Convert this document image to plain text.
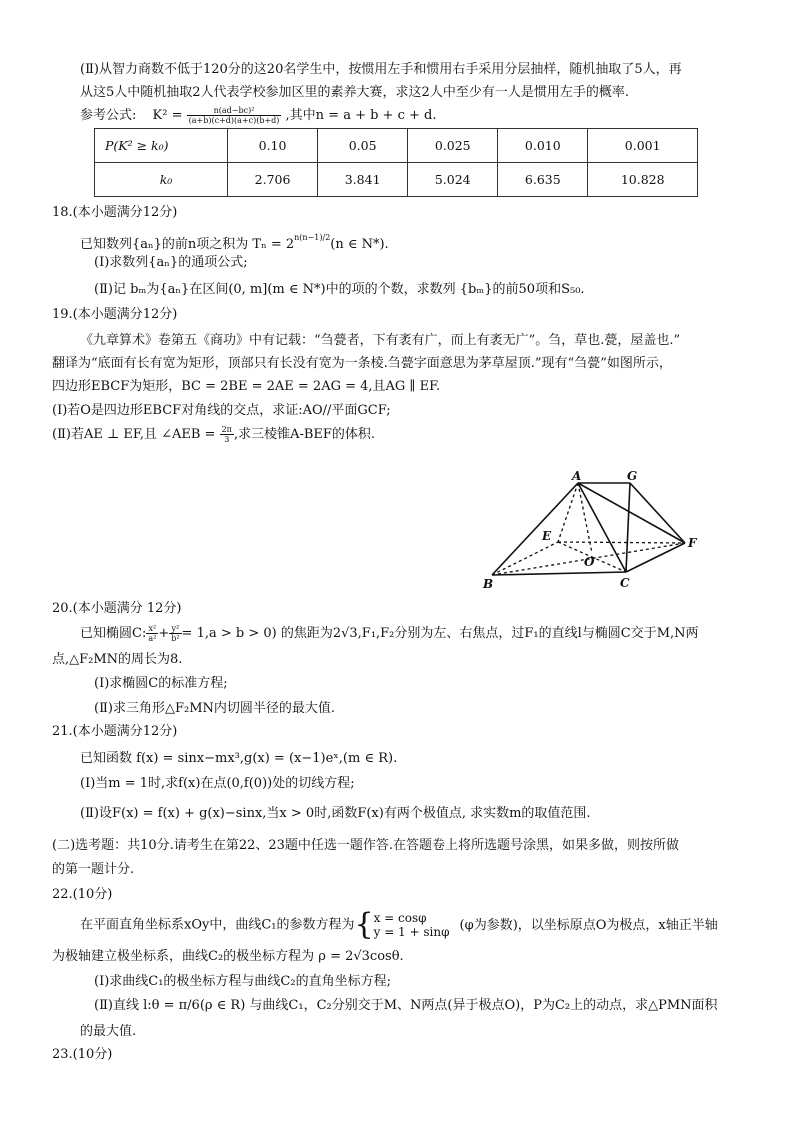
(Ⅱ)从智力商数不低于120分的这20名学生中，按惯用左手和惯用右手采用分层抽样，随机抽取了5人，再
从这5人中随机抽取2人代表学校参加区里的素养大赛，求这2人中至少有一人是惯用左手的概率.
参考公式: $K^2 = \frac{\text{n(ad−bc)²}}{(a+b)(c+d)(a+c)(b+d)}$ ,其中n = a + b + c + d.
P(K² ≥ k₀)	0.10	0.05	0.025	0.010	0.001
k₀	2.706	3.841	5.024	6.635	10.828
18.(本小题满分12分)
已知数列{aₙ}的前n项之积为 $T_n = 2^{n(n-1)/2}(n$ ∈ N*).
(Ⅰ)求数列{aₙ}的通项公式;
(Ⅱ)记 bₘ为{aₙ}在区间(0, m](m ∈ N*)中的项的个数，求数列 {bₘ}的前50项和S₅₀.
19.(本小题满分12分)
《九章算术》卷第五《商功》中有记载：“刍甍者，下有袤有广，而上有袤无广”。刍，草也.甍，屋盖也.”
翻译为“底面有长有宽为矩形，顶部只有长没有宽为一条棱.刍甍字面意思为茅草屋顶.”现有“刍甍”如图所示，
四边形EBCF为矩形，BC = 2BE = 2AE = 2AG = 4,且AG ∥ EF.
(Ⅰ)若O是四边形EBCF对角线的交点，求证:AO//平面GCF;
(Ⅱ)若AE ⊥ EF,且 ∠AEB = $\frac{2\pi}{3}$ ,求三棱锥A-BEF的体积.
A	G
E	F
O
B	C
20.(本小题满分 12分)
已知椭圆C: $\frac{\text{x²}}{\text{a²}} + \frac{\text{y²}}{\text{b²}} = 1,a > b > 0$) 的焦距为2√3,F₁,F₂分别为左、右焦点，过F₁的直线l与椭圆C交于M,N两
点,△F₂MN的周长为8.
(Ⅰ)求椭圆C的标准方程;
(Ⅱ)求三角形△F₂MN内切圆半径的最大值.
21.(本小题满分12分)
已知函数 f(x) = sinx−mx³,g(x) = (x−1)eˣ,(m ∈ R).
(Ⅰ)当m = 1时,求f(x)在点(0,f(0))处的切线方程;
(Ⅱ)设F(x) = f(x) + g(x)−sinx,当x > 0时,函数F(x)有两个极值点, 求实数m的取值范围.
(二)选考题：共10分.请考生在第22、23题中任选一题作答.在答题卷上将所选题号涂黑，如果多做，则按所做
的第一题计分.
22.(10分)
在平面直角坐标系xOy中，曲线C₁的参数方程为{ x = cosφ
y = 1 + sinφ (φ为参数)，以坐标原点O为极点，x轴正半轴
为极轴建立极坐标系，曲线C₂的极坐标方程为 ρ = 2√3cosθ.
(Ⅰ)求曲线C₁的极坐标方程与曲线C₂的直角坐标方程;
(Ⅱ)直线 l:θ = π/6(ρ ∈ R) 与曲线C₁，C₂分别交于M、N两点(异于极点O)，P为C₂上的动点，求△PMN面积
的最大值.
23.(10分)
